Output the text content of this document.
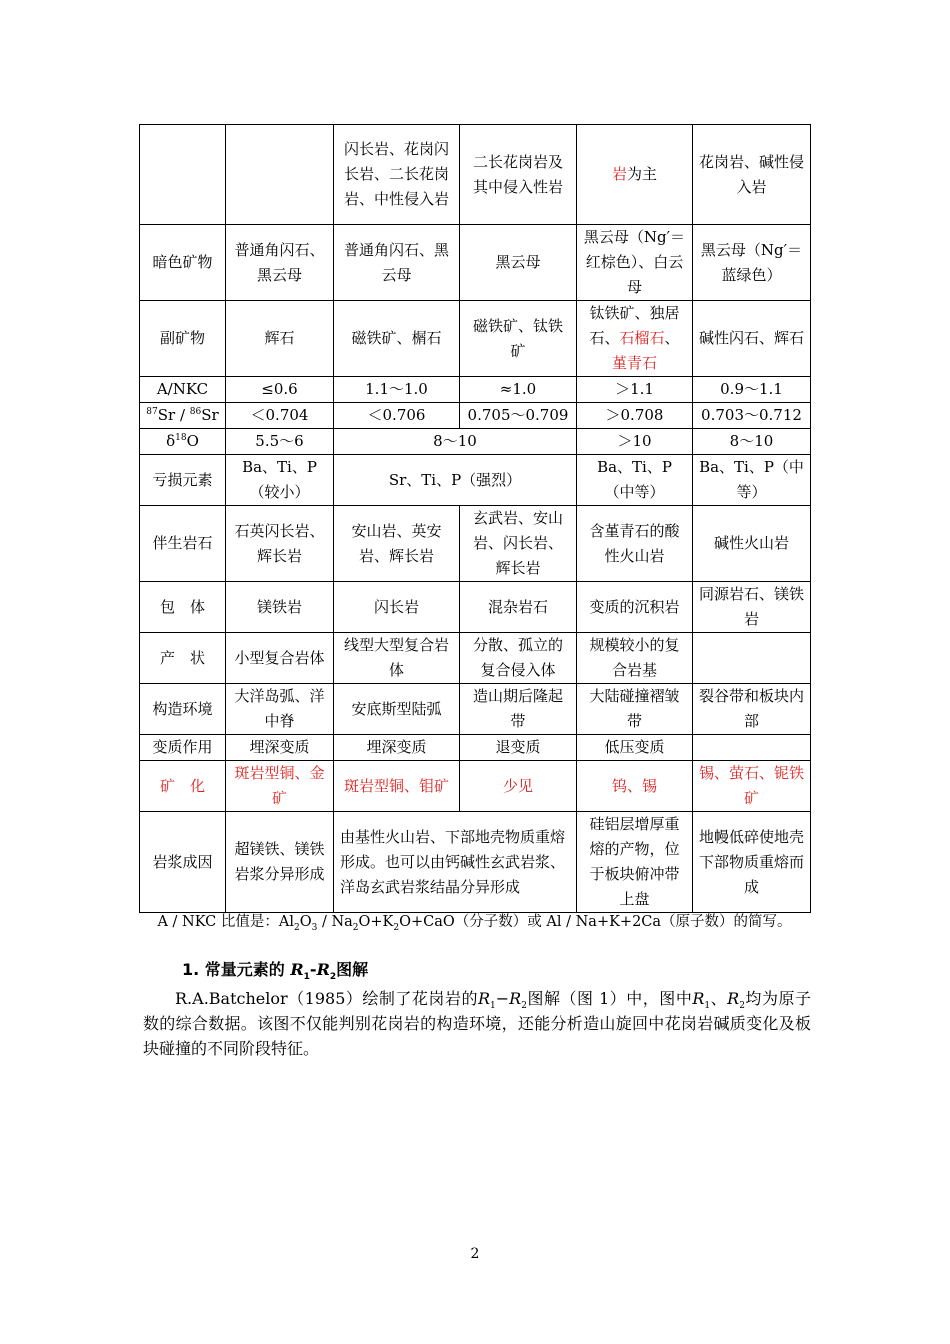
		闪长岩、花岗闪长岩、二长花岗岩、中性侵入岩	二长花岗岩及其中侵入性岩	岩为主	花岗岩、碱性侵入岩
暗色矿物	普通角闪石、黑云母	普通角闪石、黑云母	黑云母	黑云母（Ng′＝红棕色）、白云母	黑云母（Ng′＝蓝绿色）
副矿物	辉石	磁铁矿、榍石	磁铁矿、钛铁矿	钛铁矿、独居石、石榴石、堇青石	碱性闪石、辉石
A/NKC	≤0.6	1.1～1.0	≈1.0	＞1.1	0.9～1.1
$^{87}$Sr / $^{86}$Sr	＜0.704	＜0.706	0.705～0.709	＞0.708	0.703～0.712
$\delta^{18}O$	5.5～6	8～10		＞10	8～10
亏损元素	Ba、Ti、P（较小）	Sr、Ti、P（强烈）		Ba、Ti、P（中等）	Ba、Ti、P（中等）
伴生岩石	石英闪长岩、辉长岩	安山岩、英安岩、辉长岩	玄武岩、安山岩、闪长岩、辉长岩	含堇青石的酸性火山岩	碱性火山岩
包　体	镁铁岩	闪长岩	混杂岩石	变质的沉积岩	同源岩石、镁铁岩
产　状	小型复合岩体	线型大型复合岩体	分散、孤立的复合侵入体	规模较小的复合岩基	
构造环境	大洋岛弧、洋中脊	安底斯型陆弧	造山期后隆起带	大陆碰撞褶皱带	裂谷带和板块内部
变质作用	埋深变质	埋深变质	退变质	低压变质	
矿　化	斑岩型铜、金矿	斑岩型铜、钼矿	少见	钨、锡	锡、萤石、铌铁矿
岩浆成因	超镁铁、镁铁岩浆分异形成	由基性火山岩、下部地壳物质重熔形成。也可以由钙碱性玄武岩浆、洋岛玄武岩浆结晶分异形成		硅铝层增厚重熔的产物，位于板块俯冲带上盘	地幔低碎使地壳下部物质重熔而成
A / NKC 比值是：$Al_2O_3 / Na_2O+K_2O+CaO$（分子数）或 Al / Na+K+2Ca（原子数）的简写。
1. 常量元素的 $R_1-R_2$图解

R.A.Batchelor（1985）绘制了花岗岩的$R_1-R_2$图解（图 1）中，图中$R_1$、$R_2$均为原子数的综合数据。该图不仅能判别花岗岩的构造环境，还能分析造山旋回中花岗岩碱质变化及板块碰撞的不同阶段特征。

2
